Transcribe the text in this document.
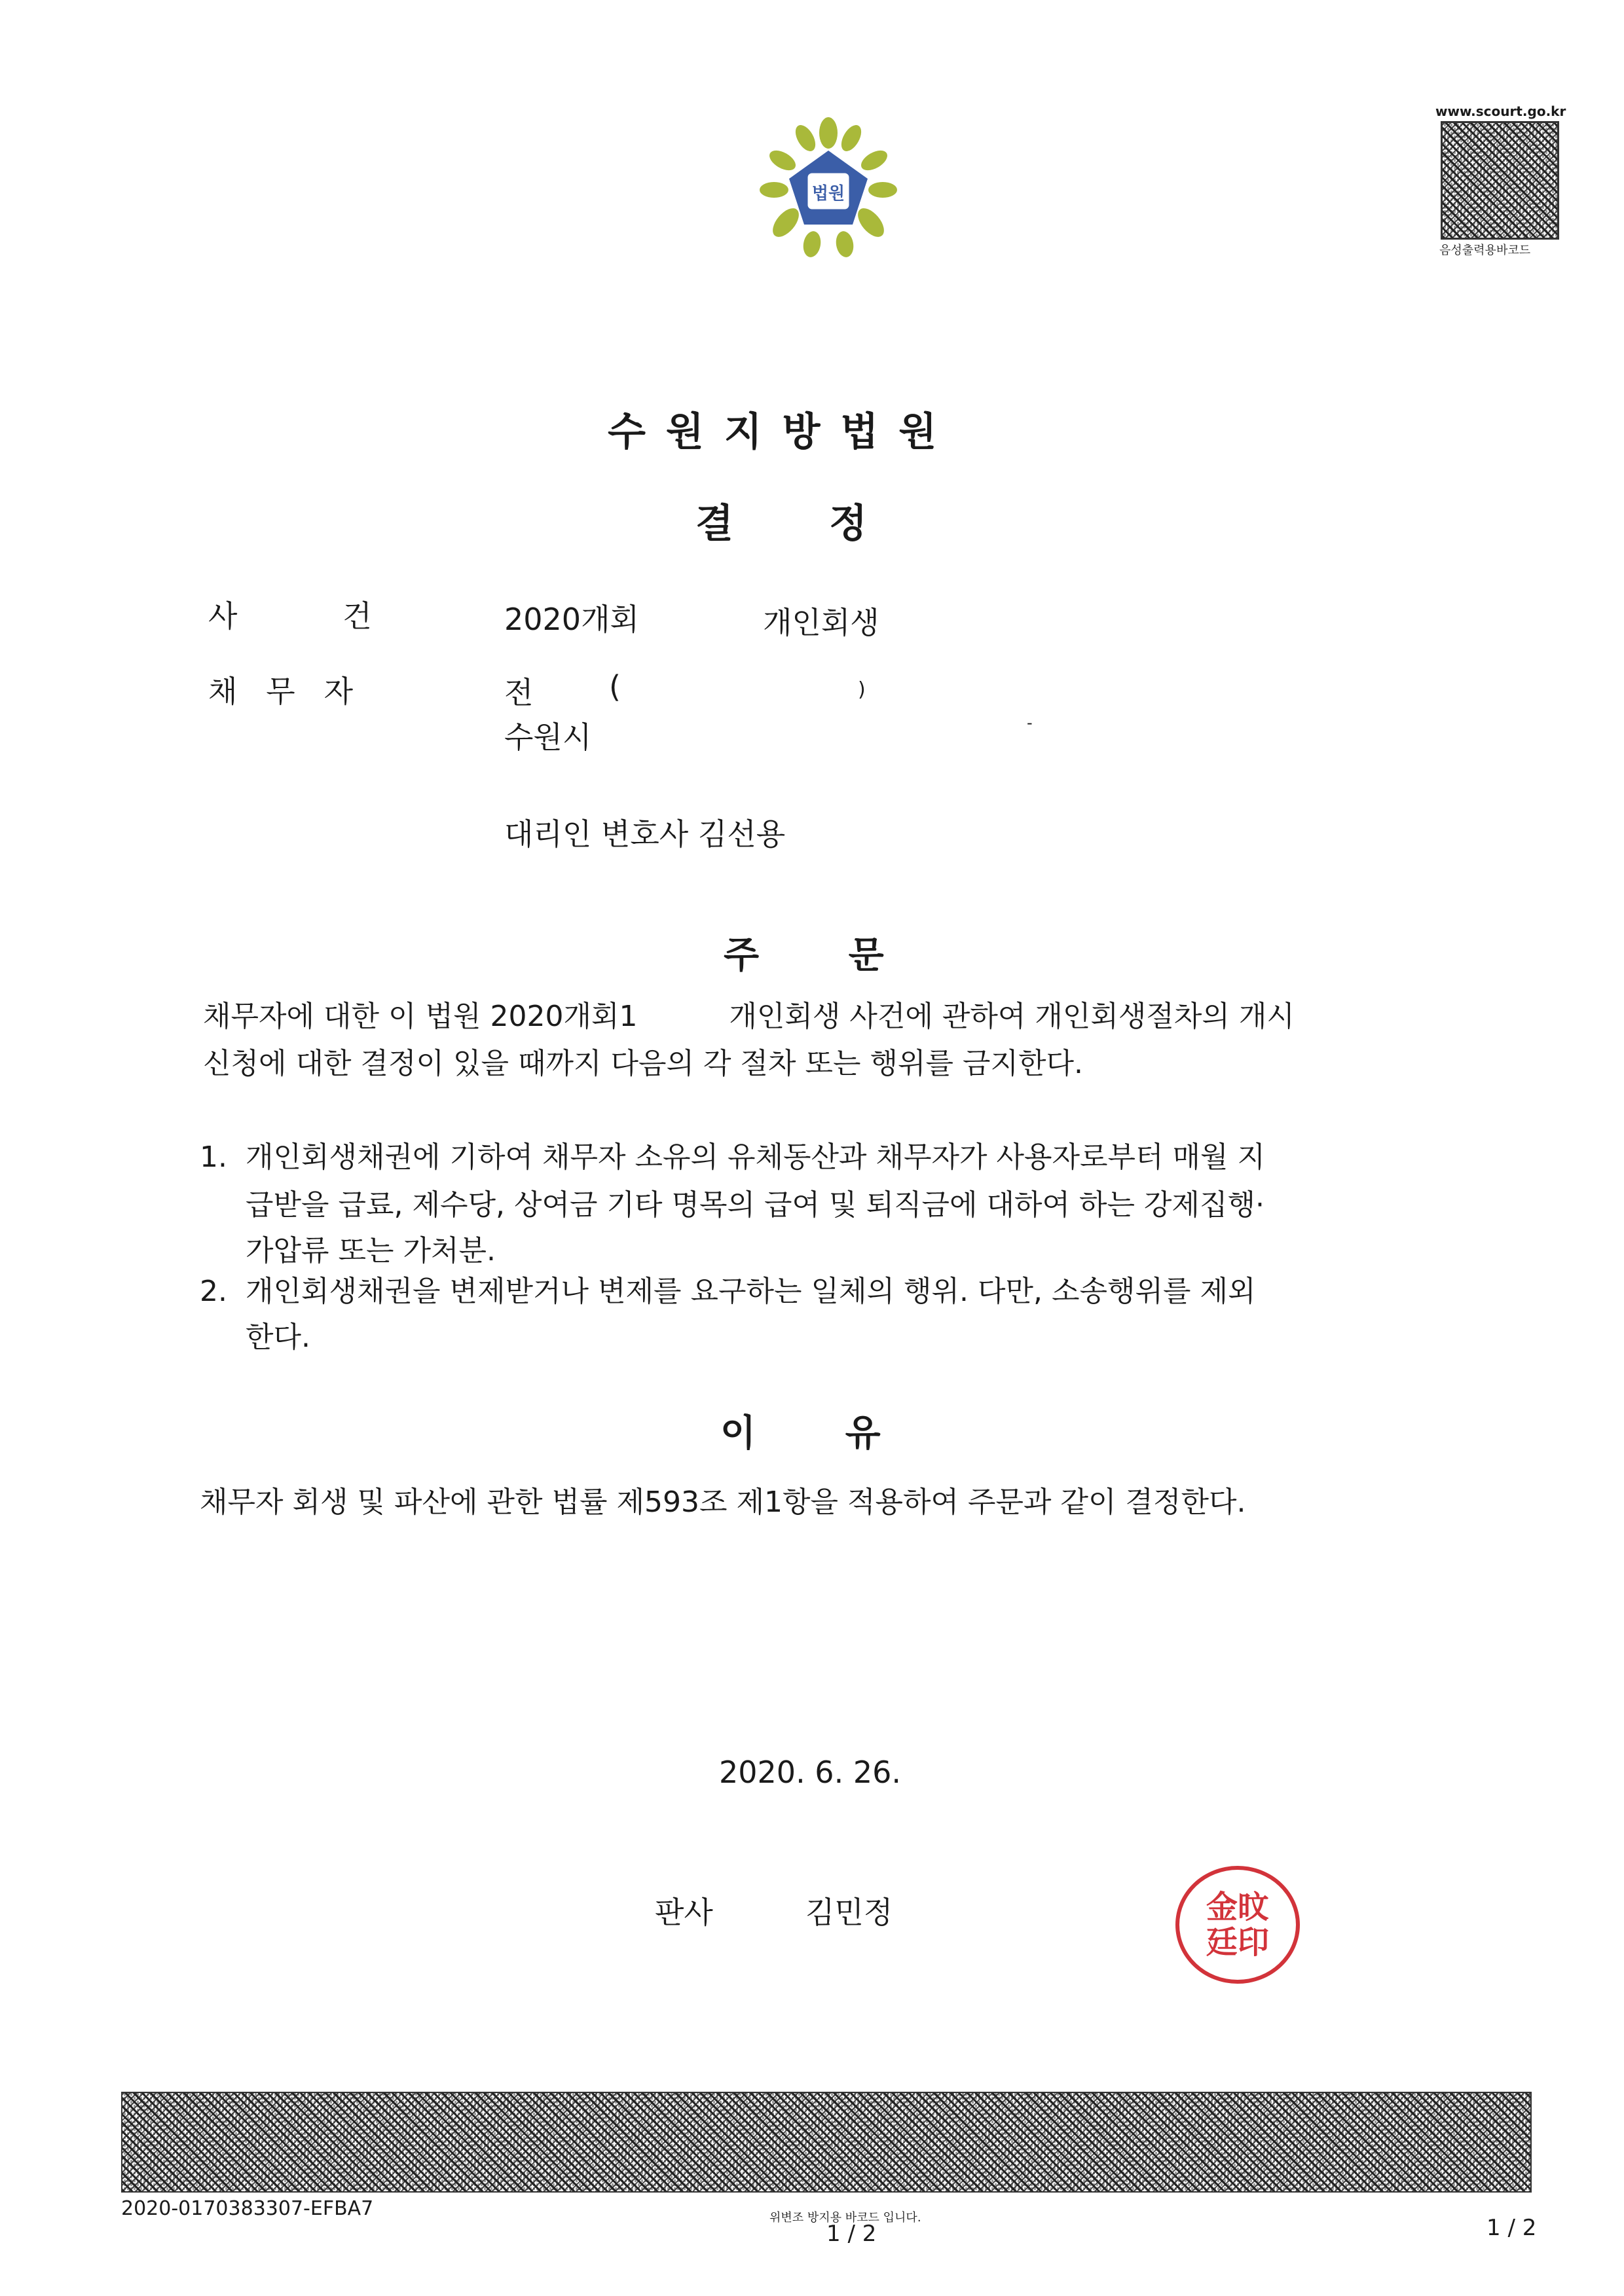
법원
www.scourt.go.kr
음성출력용바코드
수 원 지 방 법 원
결       정
사           건	2020개회	개인회생
채   무   자	전	(	)
수원시	-
대리인 변호사 김선용
주       문
채무자에 대한 이 법원 2020개회1          개인회생 사건에 관하여 개인회생절차의 개시
신청에 대한 결정이 있을 때까지 다음의 각 절차 또는 행위를 금지한다.
1. 개인회생채권에 기하여 채무자 소유의 유체동산과 채무자가 사용자로부터 매월 지
급받을 급료, 제수당, 상여금 기타 명목의 급여 및 퇴직금에 대하여 하는 강제집행·
가압류 또는 가처분.
2. 개인회생채권을 변제받거나 변제를 요구하는 일체의 행위. 다만, 소송행위를 제외
한다.
이       유
채무자 회생 및 파산에 관한 법률 제593조 제1항을 적용하여 주문과 같이 결정한다.
2020. 6. 26.
판사	김민정	金旼廷印
2020-0170383307-EFBA7	위변조 방지용 바코드 입니다.
1 / 2	1 / 2
